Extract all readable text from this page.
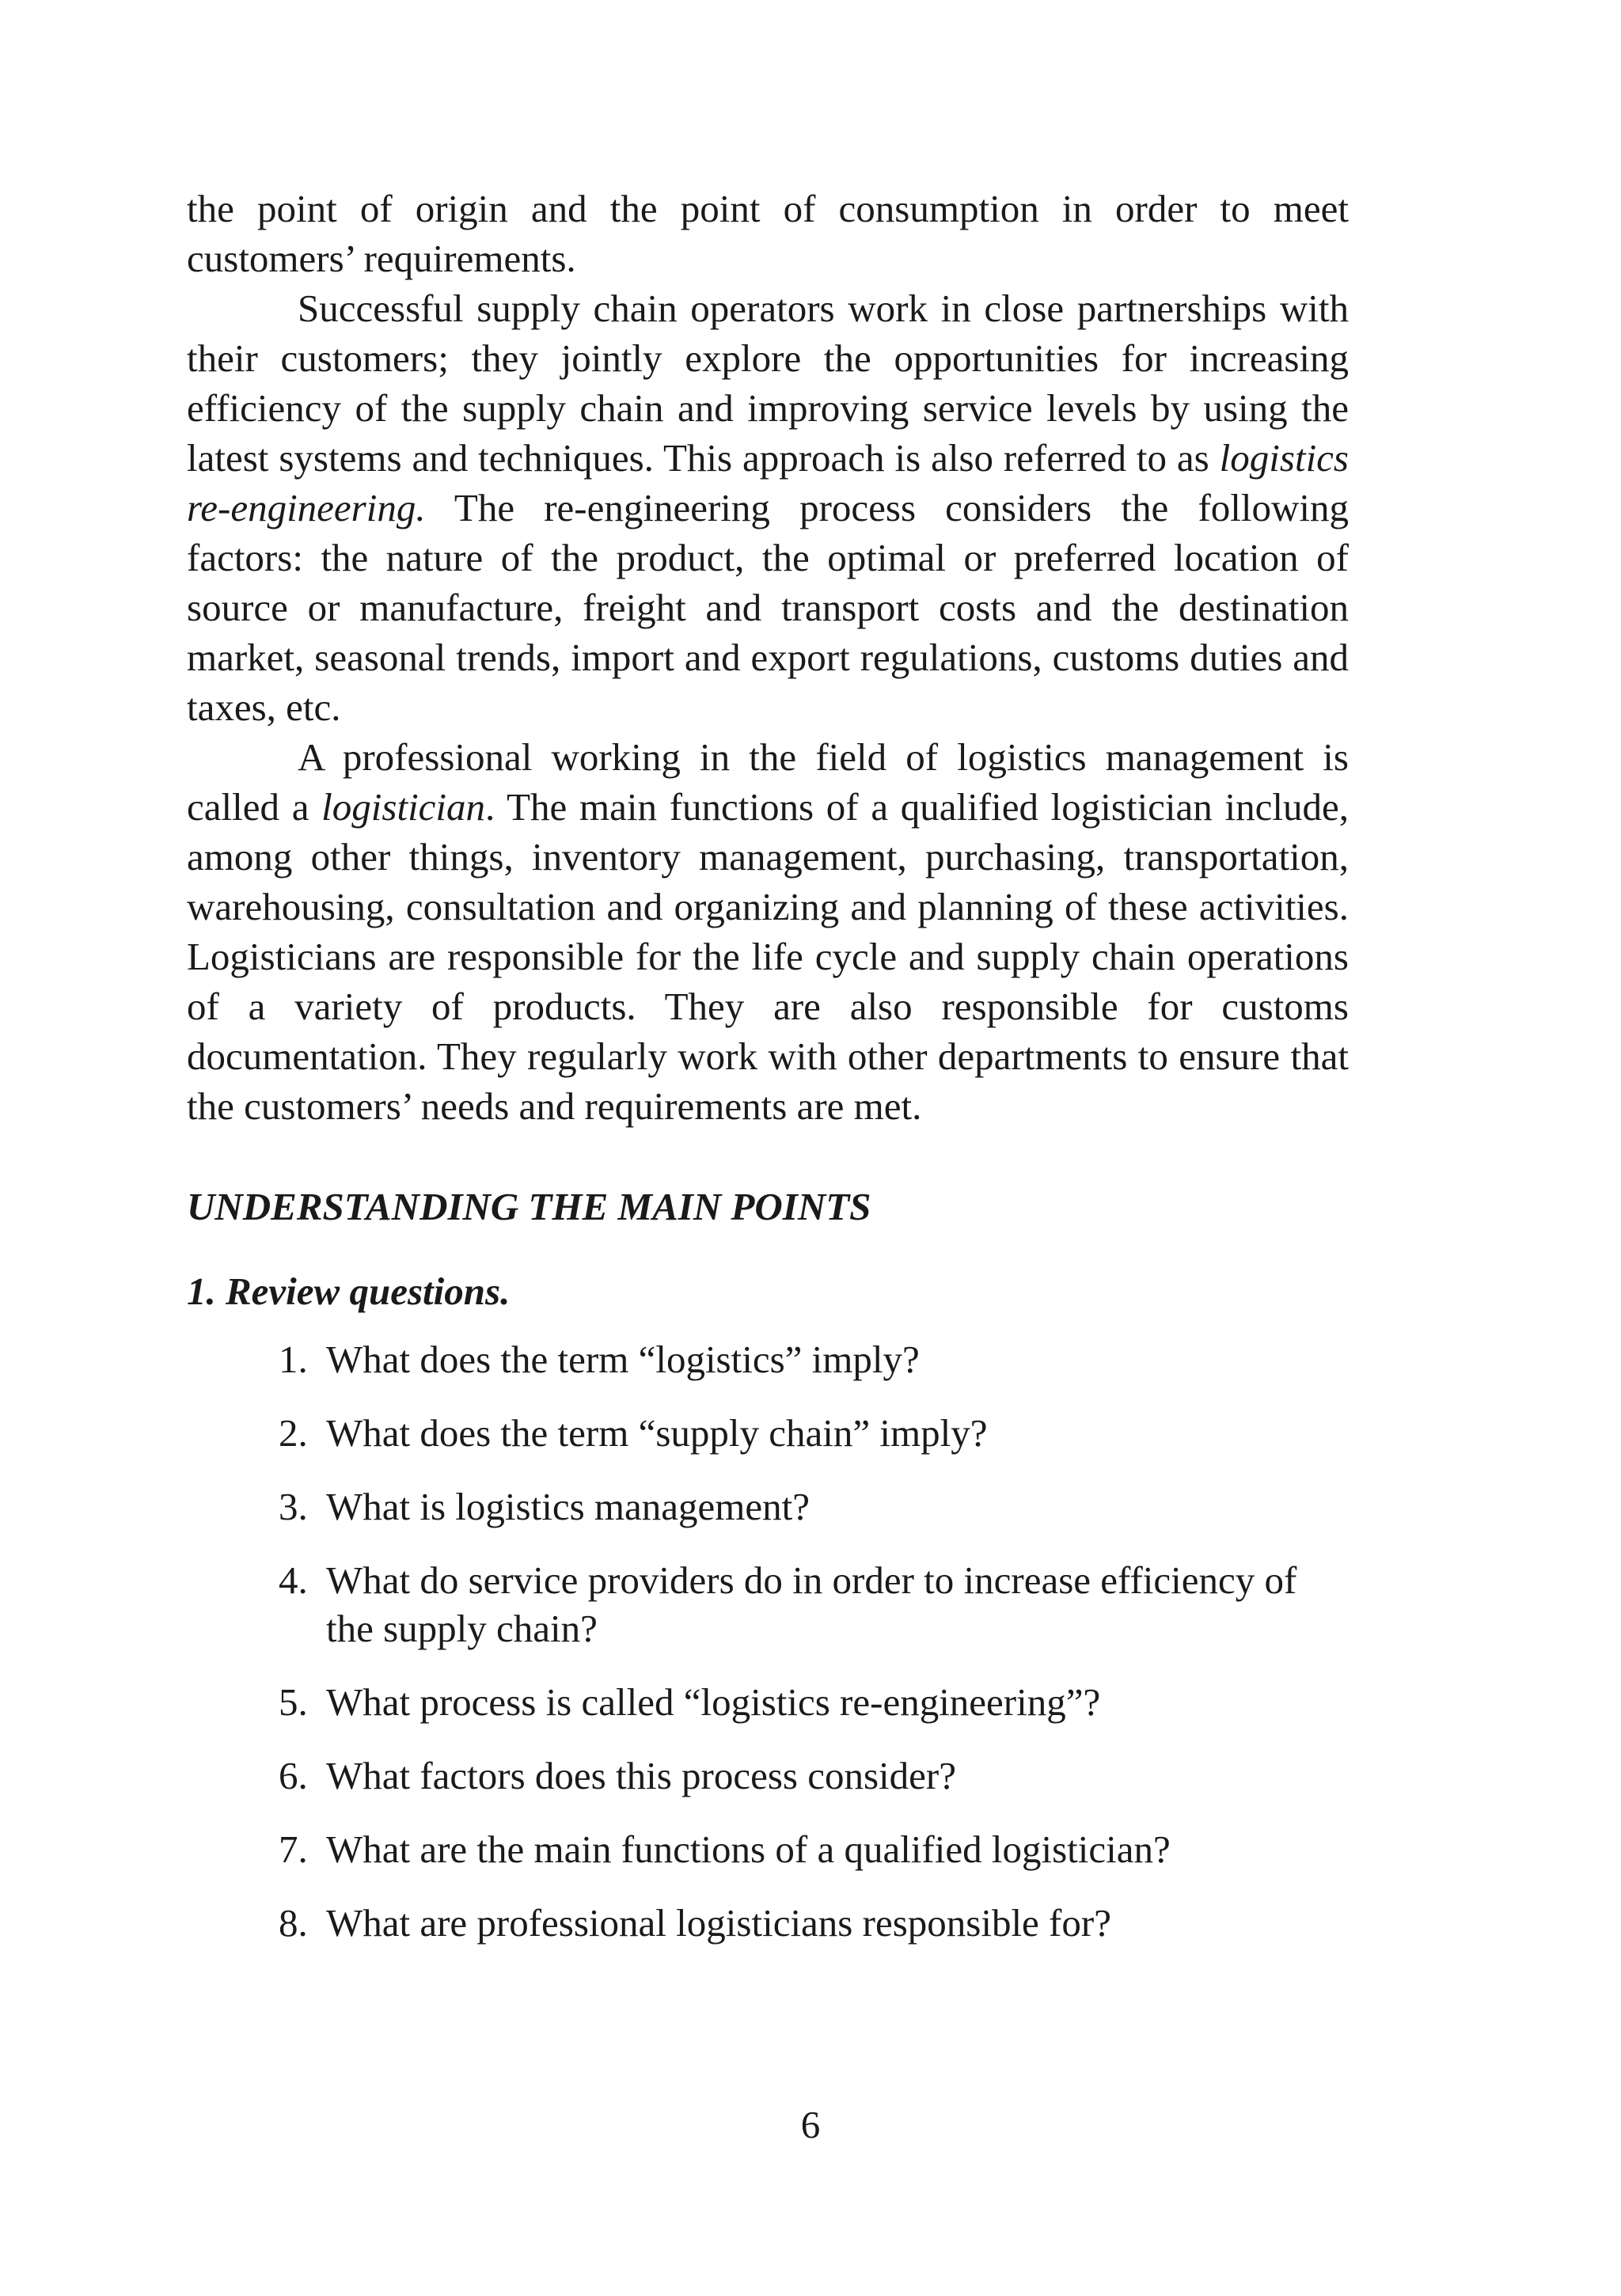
the point of origin and the point of consumption in order to meet customers’ requirements.

Successful supply chain operators work in close partnerships with their customers; they jointly explore the opportunities for increasing efficiency of the supply chain and improving service levels by using the latest systems and techniques. This approach is also referred to as logistics re-engineering. The re-engineering process considers the following factors: the nature of the product, the optimal or preferred location of source or manufacture, freight and transport costs and the destination market, seasonal trends, import and export regulations, customs duties and taxes, etc.

A professional working in the field of logistics management is called a logistician. The main functions of a qualified logistician include, among other things, inventory management, purchasing, transportation, warehousing, consultation and organizing and planning of these activities. Logisticians are responsible for the life cycle and supply chain operations of a variety of products. They are also responsible for customs documentation. They regularly work with other departments to ensure that the customers’ needs and requirements are met.

UNDERSTANDING THE MAIN POINTS
1. Review questions.
1. What does the term “logistics” imply?
2. What does the term “supply chain” imply?
3. What is logistics management?
4. What do service providers do in order to increase efficiency of the supply chain?
5. What process is called “logistics re-engineering”?
6. What factors does this process consider?
7. What are the main functions of a qualified logistician?
8. What are professional logisticians responsible for?
6
